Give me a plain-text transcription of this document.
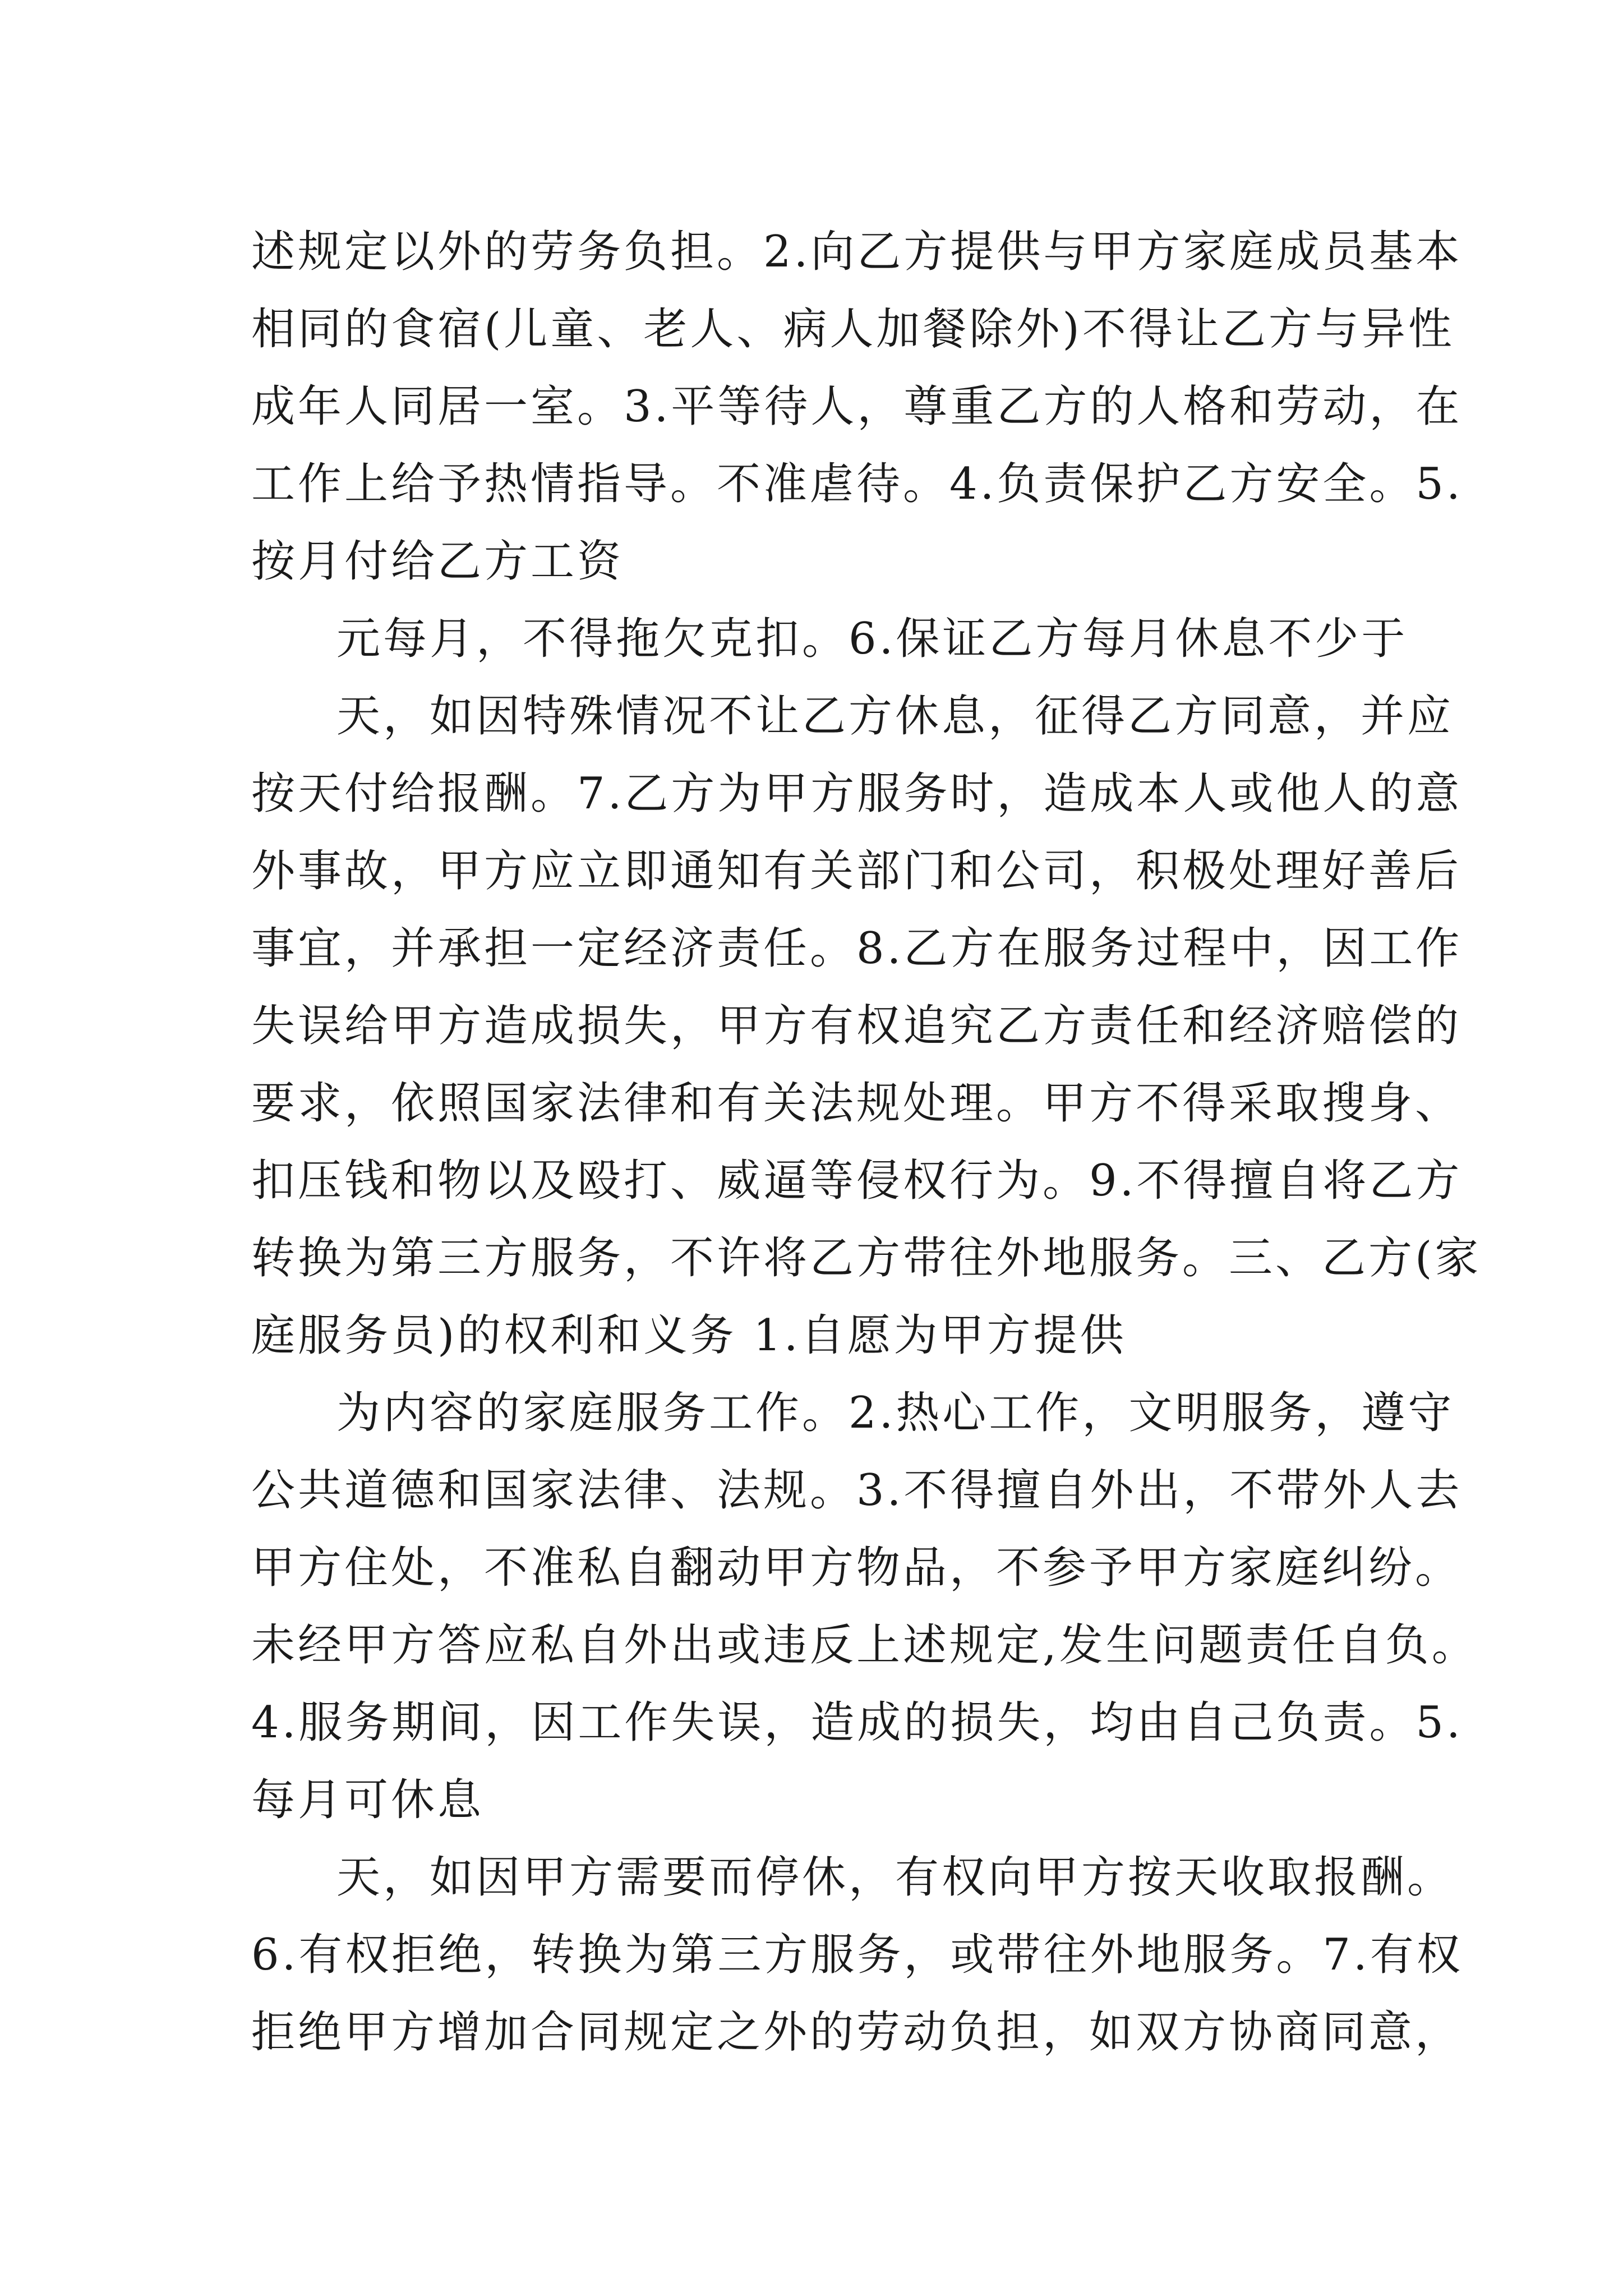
述规定以外的劳务负担。2.向乙方提供与甲方家庭成员基本
相同的食宿(儿童、老人、病人加餐除外)不得让乙方与异性
成年人同居一室。3.平等待人，尊重乙方的人格和劳动，在
工作上给予热情指导。不准虐待。4.负责保护乙方安全。5.
按月付给乙方工资
元每月，不得拖欠克扣。6.保证乙方每月休息不少于
天，如因特殊情况不让乙方休息，征得乙方同意，并应
按天付给报酬。7.乙方为甲方服务时，造成本人或他人的意
外事故，甲方应立即通知有关部门和公司，积极处理好善后
事宜，并承担一定经济责任。8.乙方在服务过程中，因工作
失误给甲方造成损失，甲方有权追究乙方责任和经济赔偿的
要求，依照国家法律和有关法规处理。甲方不得采取搜身、
扣压钱和物以及殴打、威逼等侵权行为。9.不得擅自将乙方
转换为第三方服务，不许将乙方带往外地服务。三、乙方(家
庭服务员)的权利和义务 1.自愿为甲方提供
为内容的家庭服务工作。2.热心工作，文明服务，遵守
公共道德和国家法律、法规。3.不得擅自外出，不带外人去
甲方住处，不准私自翻动甲方物品，不参予甲方家庭纠纷。
未经甲方答应私自外出或违反上述规定,发生问题责任自负。
4.服务期间，因工作失误，造成的损失，均由自己负责。5.
每月可休息
天，如因甲方需要而停休，有权向甲方按天收取报酬。
6.有权拒绝，转换为第三方服务，或带往外地服务。7.有权
拒绝甲方增加合同规定之外的劳动负担，如双方协商同意，
